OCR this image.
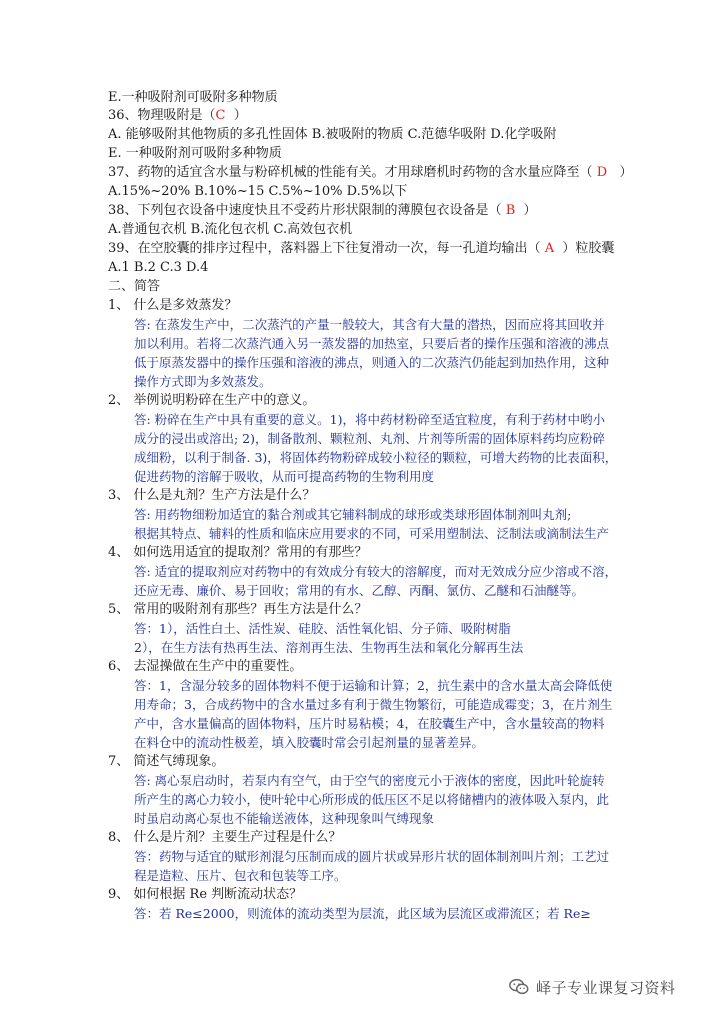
E.一种吸附剂可吸附多种物质
36、物理吸附是（C ）
A. 能够吸附其他物质的多孔性固体 B.被吸附的物质 C.范德华吸附 D.化学吸附
E. 一种吸附剂可吸附多种物质
37、药物的适宜含水量与粉碎机械的性能有关。才用球磨机时药物的含水量应降至（ D ）
A.15%~20% B.10%~15 C.5%~10% D.5%以下
38、下列包衣设备中速度快且不受药片形状限制的薄膜包衣设备是（ B ）
A.普通包衣机 B.流化包衣机 C.高效包衣机
39、在空胶囊的排序过程中，落料器上下往复滑动一次，每一孔道均输出（ A ）粒胶囊
A.1 B.2 C.3 D.4
二、简答
1、 什么是多效蒸发？
答: 在蒸发生产中，二次蒸汽的产量一般较大，其含有大量的潜热，因而应将其回收并
加以利用。若将二次蒸汽通入另一蒸发器的加热室，只要后者的操作压强和溶液的沸点
低于原蒸发器中的操作压强和溶液的沸点，则通入的二次蒸汽仍能起到加热作用，这种
操作方式即为多效蒸发。
2、 举例说明粉碎在生产中的意义。
答: 粉碎在生产中具有重要的意义。1)，将中药材粉碎至适宜粒度，有利于药材中哟小
成分的浸出或溶出; 2)，制备散剂、颗粒剂、丸剂、片剂等所需的固体原料药均应粉碎
成细粉，以利于制备. 3)，将固体药物粉碎成较小粒径的颗粒，可增大药物的比表面积，
促进药物的溶解于吸收，从而可提高药物的生物利用度
3、 什么是丸剂？生产方法是什么？
答: 用药物细粉加适宜的黏合剂或其它辅料制成的球形或类球形固体制剂叫丸剂;
根据其特点、辅料的性质和临床应用要求的不同，可采用塑制法、泛制法或滴制法生产
4、 如何选用适宜的提取剂？常用的有那些？
答: 适宜的提取剂应对药物中的有效成分有较大的溶解度，而对无效成分应少溶或不溶，
还应无毒、廉价、易于回收；常用的有水、乙醇、丙酮、氯仿、乙醚和石油醚等。
5、 常用的吸附剂有那些？再生方法是什么？
答：1），活性白土、活性炭、硅胶、活性氧化铝、分子筛、吸附树脂
2），在生方法有热再生法、溶剂再生法、生物再生法和氧化分解再生法
6、 去湿操做在生产中的重要性。
答：1，含湿分较多的固体物料不便于运输和计算；2，抗生素中的含水量太高会降低使
用寿命；3，合成药物中的含水量过多有利于微生物繁衍，可能造成霉变；3，在片剂生
产中，含水量偏高的固体物料，压片时易粘模；4，在胶囊生产中，含水量较高的物料
在料仓中的流动性极差，填入胶囊时常会引起剂量的显著差异。
7、 简述气缚现象。
答: 离心泵启动时，若泵内有空气，由于空气的密度元小于液体的密度，因此叶轮旋转
所产生的离心力较小，使叶轮中心所形成的低压区不足以将储槽内的液体吸入泵内，此
时虽启动离心泵也不能输送液体，这种现象叫气缚现象
8、 什么是片剂？主要生产过程是什么？
答：药物与适宜的赋形剂混匀压制而成的圆片状或异形片状的固体制剂叫片剂；工艺过
程是造粒、压片、包衣和包装等工序。
9、 如何根据 Re 判断流动状态？
答：若 Re≤2000，则流体的流动类型为层流，此区域为层流区或滞流区；若 Re≥
峄子专业课复习资料
